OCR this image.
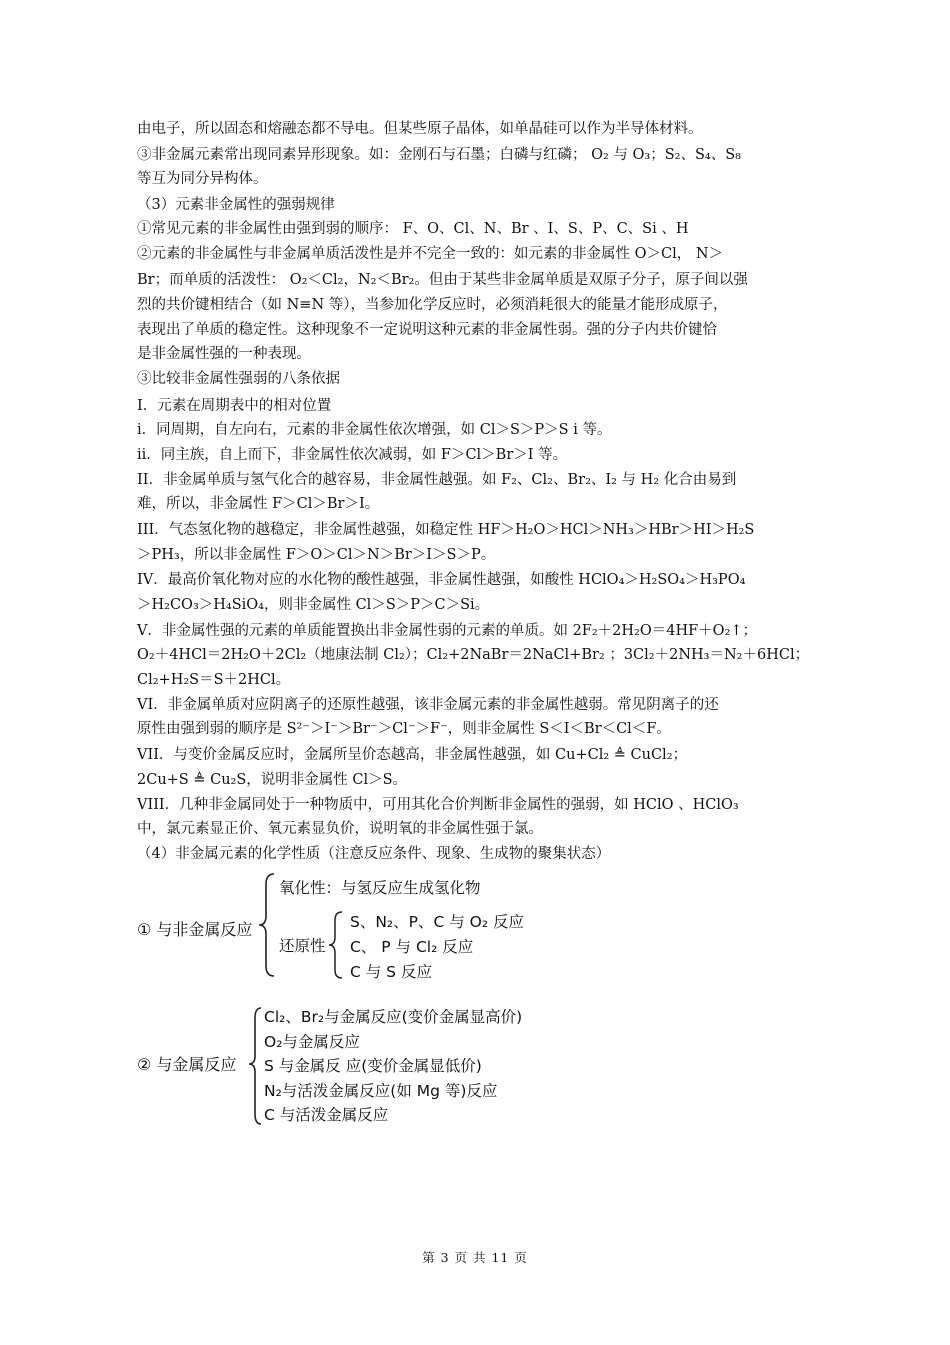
由电子，所以固态和熔融态都不导电。但某些原子晶体，如单晶硅可以作为半导体材料。
③非金属元素常出现同素异形现象。如：金刚石与石墨；白磷与红磷； O₂ 与 O₃；S₂、S₄、S₈
等互为同分异构体。
（3）元素非金属性的强弱规律
①常见元素的非金属性由强到弱的顺序： F、O、Cl、N、Br 、I、S、P、C、Si 、H
②元素的非金属性与非金属单质活泼性是并不完全一致的：如元素的非金属性 O＞Cl， N＞
Br；而单质的活泼性： O₂＜Cl₂，N₂＜Br₂。但由于某些非金属单质是双原子分子，原子间以强
烈的共价键相结合（如 N≡N 等），当参加化学反应时，必须消耗很大的能量才能形成原子，
表现出了单质的稳定性。这种现象不一定说明这种元素的非金属性弱。强的分子内共价键恰
是非金属性强的一种表现。
③比较非金属性强弱的八条依据
Ⅰ．元素在周期表中的相对位置
i．同周期，自左向右，元素的非金属性依次增强，如 Cl＞S＞P＞S i 等。
ii．同主族，自上而下，非金属性依次减弱，如 F＞Cl＞Br＞I 等。
II．非金属单质与氢气化合的越容易，非金属性越强。如 F₂、Cl₂、Br₂、I₂ 与 H₂ 化合由易到
难，所以，非金属性 F＞Cl＞Br＞I。
III．气态氢化物的越稳定，非金属性越强，如稳定性 HF＞H₂O＞HCl＞NH₃＞HBr＞HI＞H₂S
＞PH₃，所以非金属性 F＞O＞Cl＞N＞Br＞I＞S＞P。
IV．最高价氧化物对应的水化物的酸性越强，非金属性越强，如酸性 HClO₄＞H₂SO₄＞H₃PO₄
＞H₂CO₃＞H₄SiO₄，则非金属性 Cl＞S＞P＞C＞Si。
V．非金属性强的元素的单质能置换出非金属性弱的元素的单质。如 2F₂＋2H₂O＝4HF＋O₂↑；
O₂＋4HCl＝2H₂O＋2Cl₂（地康法制 Cl₂）；Cl₂+2NaBr＝2NaCl+Br₂ ；3Cl₂＋2NH₃＝N₂＋6HCl；
Cl₂+H₂S＝S＋2HCl。
VI．非金属单质对应阴离子的还原性越强，该非金属元素的非金属性越弱。常见阴离子的还
原性由强到弱的顺序是 S²⁻＞I⁻＞Br⁻＞Cl⁻＞F⁻，则非金属性 S＜I＜Br＜Cl＜F。
VII．与变价金属反应时，金属所呈价态越高，非金属性越强，如 Cu+Cl₂ ≜ CuCl₂；
2Cu+S ≜ Cu₂S，说明非金属性 Cl＞S。
VIII．几种非金属同处于一种物质中，可用其化合价判断非金属性的强弱，如 HClO 、HClO₃
中，氯元素显正价、氧元素显负价，说明氧的非金属性强于氯。
（4）非金属元素的化学性质（注意反应条件、现象、生成物的聚集状态）
① 与非金属反应
氧化性：与氢反应生成氢化物
还原性
S、N₂、P、C 与 O₂ 反应
C、 P 与 Cl₂ 反应
C 与 S 反应
② 与金属反应
Cl₂、Br₂与金属反应(变价金属显高价)
O₂与金属反应
S 与金属反 应(变价金属显低价)
N₂与活泼金属反应(如 Mg 等)反应
C 与活泼金属反应
第 3 页 共 11 页
